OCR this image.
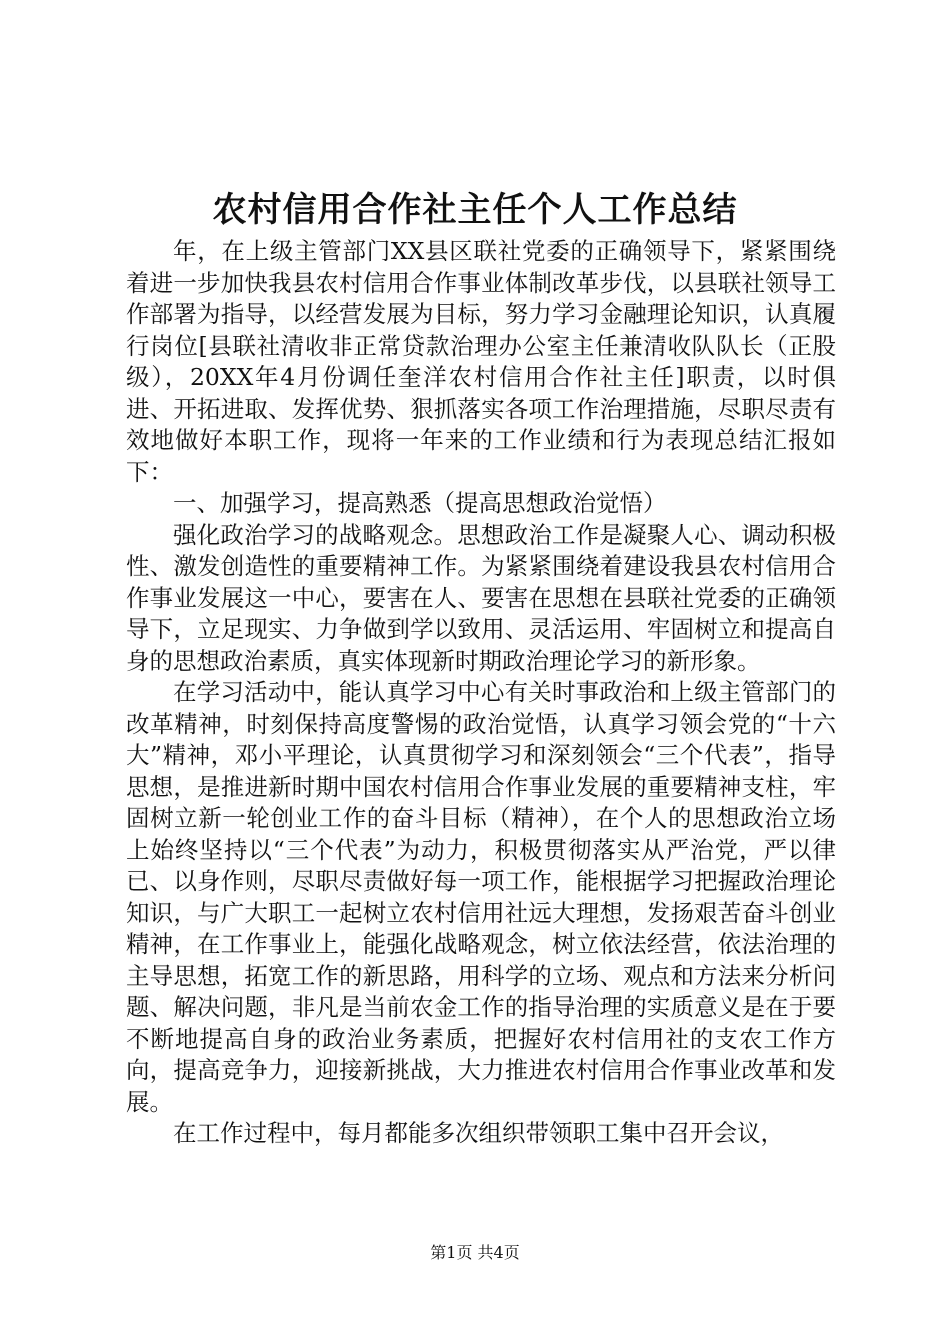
农村信用合作社主任个人工作总结

年，在上级主管部门XX县区联社党委的正确领导下，紧紧围绕着进一步加快我县农村信用合作事业体制改革步伐，以县联社领导工作部署为指导，以经营发展为目标，努力学习金融理论知识，认真履行岗位[县联社清收非正常贷款治理办公室主任兼清收队队长（正股级），20XX年4月份调任奎洋农村信用合作社主任]职责，以时俱进、开拓进取、发挥优势、狠抓落实各项工作治理措施，尽职尽责有效地做好本职工作，现将一年来的工作业绩和行为表现总结汇报如下：

一、加强学习，提高熟悉（提高思想政治觉悟）

强化政治学习的战略观念。思想政治工作是凝聚人心、调动积极性、激发创造性的重要精神工作。为紧紧围绕着建设我县农村信用合作事业发展这一中心，要害在人、要害在思想在县联社党委的正确领导下，立足现实、力争做到学以致用、灵活运用、牢固树立和提高自身的思想政治素质，真实体现新时期政治理论学习的新形象。

在学习活动中，能认真学习中心有关时事政治和上级主管部门的改革精神，时刻保持高度警惕的政治觉悟，认真学习领会党的“十六大”精神，邓小平理论，认真贯彻学习和深刻领会“三个代表”，指导思想，是推进新时期中国农村信用合作事业发展的重要精神支柱，牢固树立新一轮创业工作的奋斗目标（精神），在个人的思想政治立场上始终坚持以“三个代表”为动力，积极贯彻落实从严治党，严以律已、以身作则，尽职尽责做好每一项工作，能根据学习把握政治理论知识，与广大职工一起树立农村信用社远大理想，发扬艰苦奋斗创业精神，在工作事业上，能强化战略观念，树立依法经营，依法治理的主导思想，拓宽工作的新思路，用科学的立场、观点和方法来分析问题、解决问题，非凡是当前农金工作的指导治理的实质意义是在于要不断地提高自身的政治业务素质，把握好农村信用社的支农工作方向，提高竞争力，迎接新挑战，大力推进农村信用合作事业改革和发展。

在工作过程中，每月都能多次组织带领职工集中召开会议，

第1页 共4页
